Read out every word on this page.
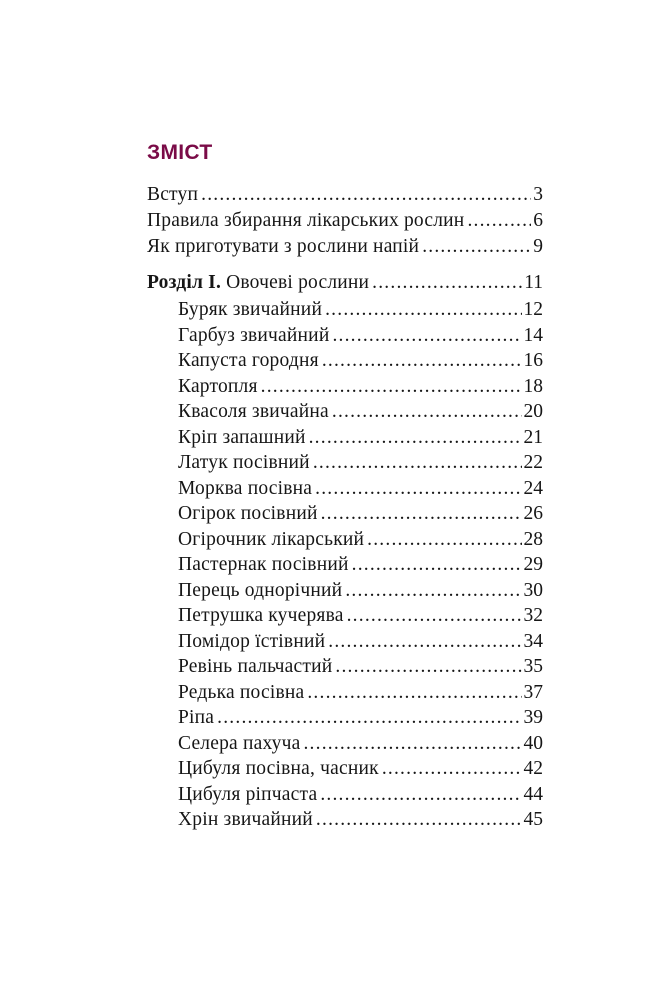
ЗМІСТ
Вступ .....	3
Правила збирання лікарських рослин .....	6
Як приготувати з рослини напій .....	9
Розділ І. Овочеві рослини .....	11
Буряк звичайний .....	12
Гарбуз звичайний .....	14
Капуста городня .....	16
Картопля .....	18
Квасоля звичайна .....	20
Кріп запашний .....	21
Латук посівний .....	22
Морква посівна .....	24
Огірок посівний .....	26
Огірочник лікарський .....	28
Пастернак посівний .....	29
Перець однорічний .....	30
Петрушка кучерява .....	32
Помідор їстівний .....	34
Ревінь пальчастий .....	35
Редька посівна .....	37
Ріпа .....	39
Селера пахуча .....	40
Цибуля посівна, часник .....	42
Цибуля ріпчаста .....	44
Хрін звичайний .....	45
